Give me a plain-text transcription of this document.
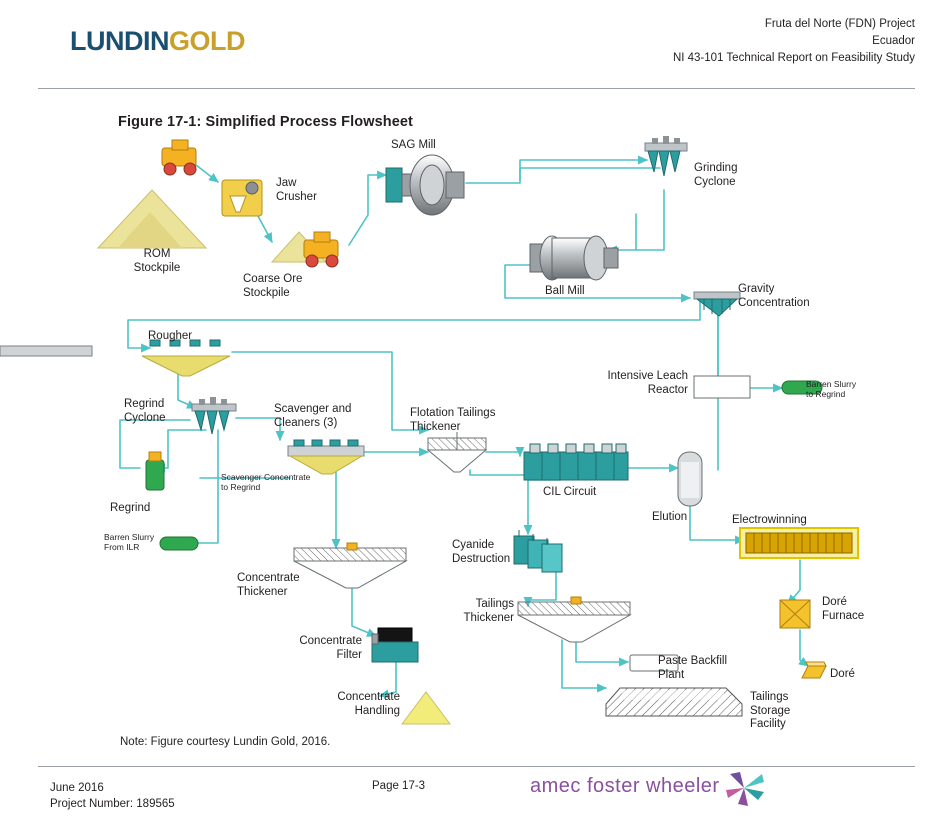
LUNDINGOLD
Fruta del Norte (FDN) Project
Ecuador
NI 43-101 Technical Report on Feasibility Study
Figure 17-1: Simplified Process Flowsheet
ROM
Stockpile
Jaw
Crusher
Coarse Ore
Stockpile
SAG Mill
Grinding
Cyclone
Ball Mill	Gravity
Concentration
Intensive Leach
Reactor	Barren Slurry
to Regrind
Rougher
Regrind
Cyclone
Regrind
Scavenger and
Cleaners (3)
Scavenger Concentrate
to Regrind
Barren Slurry
From ILR
Flotation Tailings
Thickener
CIL Circuit
Elution	Electrowinning
Cyanide
Destruction
Concentrate
Thickener
Concentrate
Filter
Concentrate
Handling
Tailings
Thickener
Paste Backfill
Plant
Tailings
Storage
Facility
Doré
Furnace
Doré
Note: Figure courtesy Lundin Gold, 2016.
June 2016
Project Number: 189565
Page 17-3	amec foster wheeler
